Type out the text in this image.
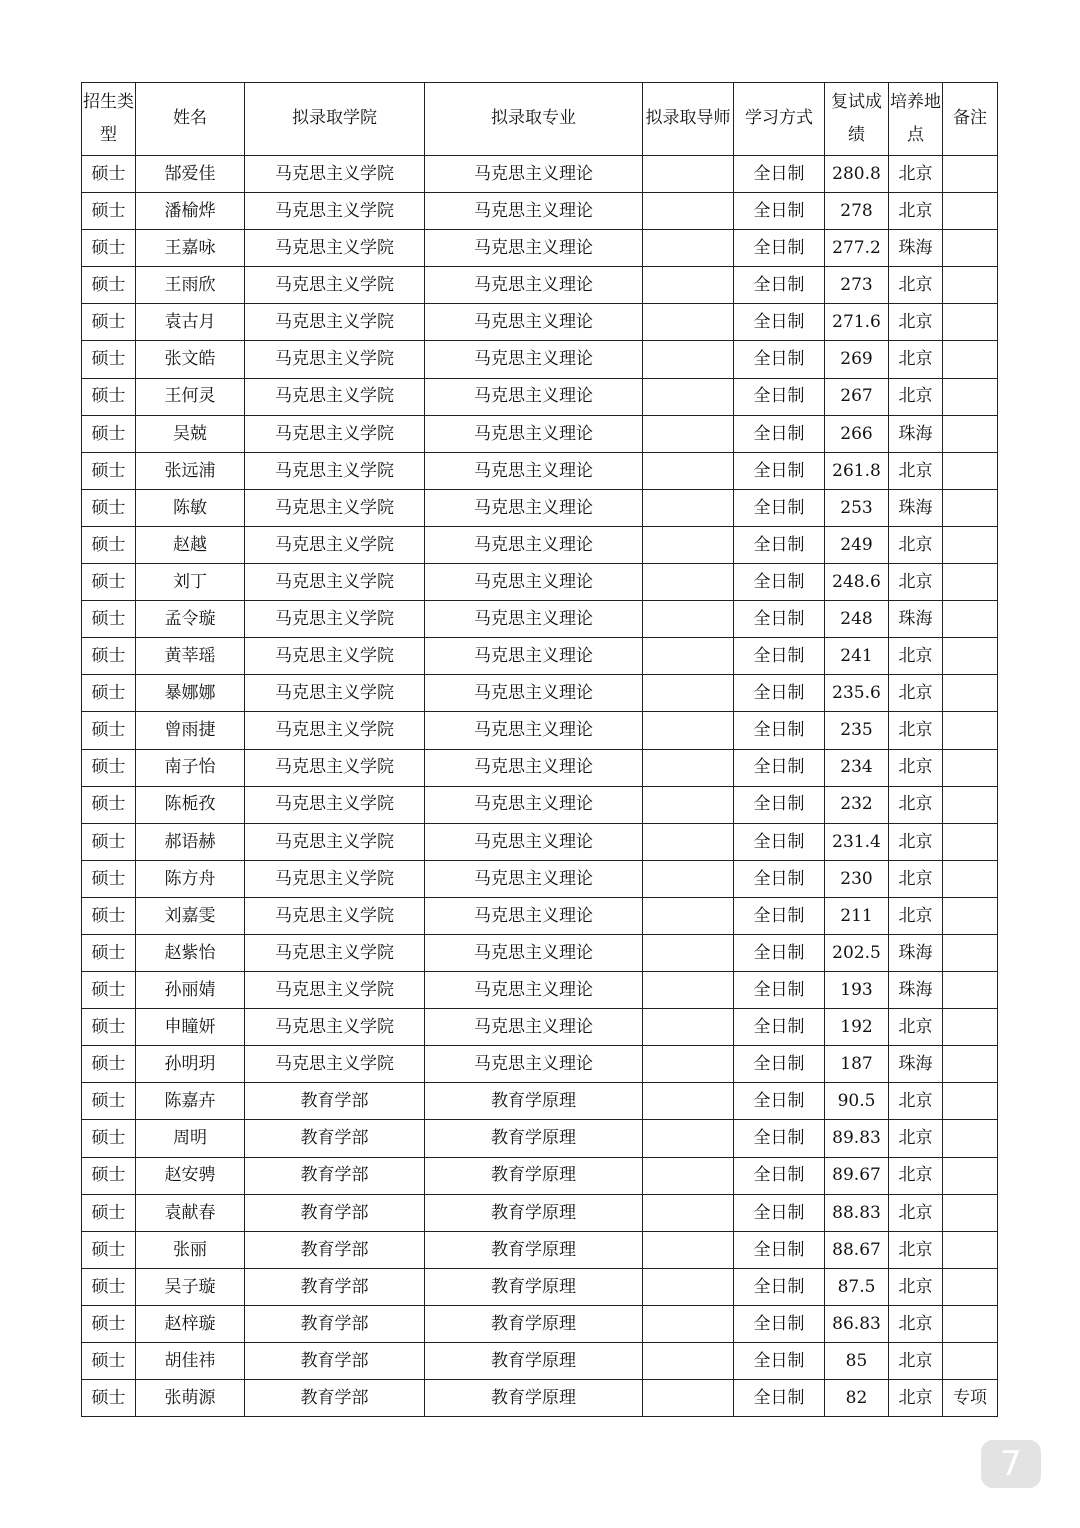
招生类型	姓名	拟录取学院	拟录取专业	拟录取导师	学习方式	复试成绩	培养地点	备注
硕士	郜爱佳	马克思主义学院	马克思主义理论		全日制	280.8	北京	
硕士	潘榆烨	马克思主义学院	马克思主义理论		全日制	278	北京	
硕士	王嘉咏	马克思主义学院	马克思主义理论		全日制	277.2	珠海	
硕士	王雨欣	马克思主义学院	马克思主义理论		全日制	273	北京	
硕士	袁古月	马克思主义学院	马克思主义理论		全日制	271.6	北京	
硕士	张文皓	马克思主义学院	马克思主义理论		全日制	269	北京	
硕士	王何灵	马克思主义学院	马克思主义理论		全日制	267	北京	
硕士	吴兢	马克思主义学院	马克思主义理论		全日制	266	珠海	
硕士	张远浦	马克思主义学院	马克思主义理论		全日制	261.8	北京	
硕士	陈敏	马克思主义学院	马克思主义理论		全日制	253	珠海	
硕士	赵越	马克思主义学院	马克思主义理论		全日制	249	北京	
硕士	刘丁	马克思主义学院	马克思主义理论		全日制	248.6	北京	
硕士	孟令璇	马克思主义学院	马克思主义理论		全日制	248	珠海	
硕士	黄莘瑶	马克思主义学院	马克思主义理论		全日制	241	北京	
硕士	暴娜娜	马克思主义学院	马克思主义理论		全日制	235.6	北京	
硕士	曾雨捷	马克思主义学院	马克思主义理论		全日制	235	北京	
硕士	南子怡	马克思主义学院	马克思主义理论		全日制	234	北京	
硕士	陈栀孜	马克思主义学院	马克思主义理论		全日制	232	北京	
硕士	郝语赫	马克思主义学院	马克思主义理论		全日制	231.4	北京	
硕士	陈方舟	马克思主义学院	马克思主义理论		全日制	230	北京	
硕士	刘嘉雯	马克思主义学院	马克思主义理论		全日制	211	北京	
硕士	赵紫怡	马克思主义学院	马克思主义理论		全日制	202.5	珠海	
硕士	孙丽婧	马克思主义学院	马克思主义理论		全日制	193	珠海	
硕士	申瞳妍	马克思主义学院	马克思主义理论		全日制	192	北京	
硕士	孙明玥	马克思主义学院	马克思主义理论		全日制	187	珠海	
硕士	陈嘉卉	教育学部	教育学原理		全日制	90.5	北京	
硕士	周明	教育学部	教育学原理		全日制	89.83	北京	
硕士	赵安骋	教育学部	教育学原理		全日制	89.67	北京	
硕士	袁献春	教育学部	教育学原理		全日制	88.83	北京	
硕士	张丽	教育学部	教育学原理		全日制	88.67	北京	
硕士	吴子璇	教育学部	教育学原理		全日制	87.5	北京	
硕士	赵梓璇	教育学部	教育学原理		全日制	86.83	北京	
硕士	胡佳祎	教育学部	教育学原理		全日制	85	北京	
硕士	张萌源	教育学部	教育学原理		全日制	82	北京	专项
7
